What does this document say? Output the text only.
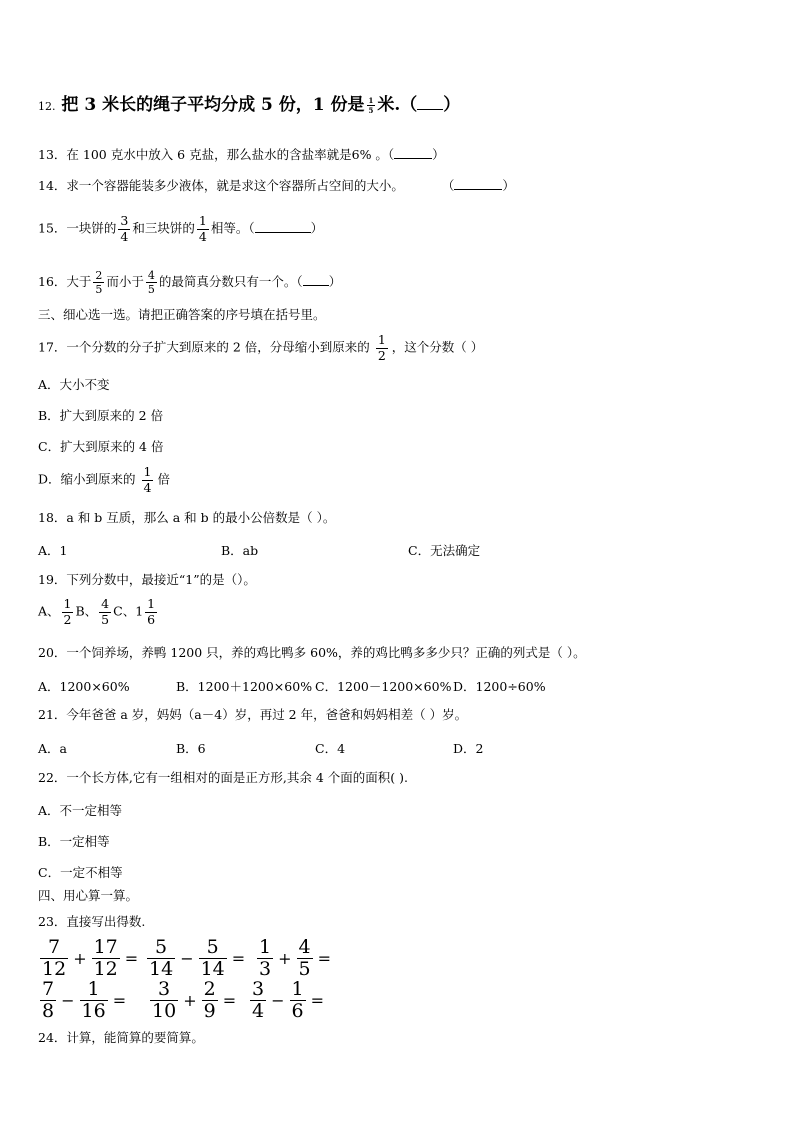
12. 把 3 米长的绳子平均分成 5 份，1 份是 $\frac{1}{5}$ 米.（ ）
13．在 100 克水中放入 6 克盐，那么盐水的含盐率就是6% 。（	）
14．求一个容器能装多少液体，就是求这个容器所占空间的大小。	（	）
15．一块饼的 $\frac{3}{4}$ 和三块饼的 $\frac{1}{4}$ 相等。（	）
16．大于 $\frac{2}{5}$ 而小于 $\frac{4}{5}$ 的最简真分数只有一个。（ ）
三、细心选一选。请把正确答案的序号填在括号里。
17．一个分数的分子扩大到原来的 2 倍，分母缩小到原来的 $\frac{1}{2}$ ，这个分数（ ）
A．大小不变
B．扩大到原来的 2 倍
C．扩大到原来的 4 倍
D．缩小到原来的 $\frac{1}{4}$ 倍
18．a 和 b 互质，那么 a 和 b 的最小公倍数是（ ）。
A．1	B．ab	C．无法确定
19．下列分数中，最接近“1”的是（）。
A、 $\frac{1}{2}$ B、 $\frac{4}{5}$ C、$1 \frac{1}{6}$
20．一个饲养场，养鸭 1200 只，养的鸡比鸭多 60%，养的鸡比鸭多多少只？正确的列式是（ ）。
A．1200×60%	B．1200＋1200×60% C．1200－1200×60% D．1200÷60%
21．今年爸爸 a 岁，妈妈（a－4）岁，再过 2 年，爸爸和妈妈相差（ ）岁。
A．a	B．6	C．4	D．2
22．一个长方体,它有一组相对的面是正方形,其余 4 个面的面积( ).
A．不一定相等
B．一定相等
C．一定不相等
四、用心算一算。
23．直接写出得数.
$\frac{7}{12} + \frac{17}{12} = \frac{5}{14} - \frac{5}{14} = \frac{1}{3} + \frac{4}{5}$ =
$\frac{7}{8} - \frac{1}{16} = \frac{3}{10} + \frac{2}{9} = \frac{3}{4} - \frac{1}{6}$ =
24．计算，能简算的要简算。
